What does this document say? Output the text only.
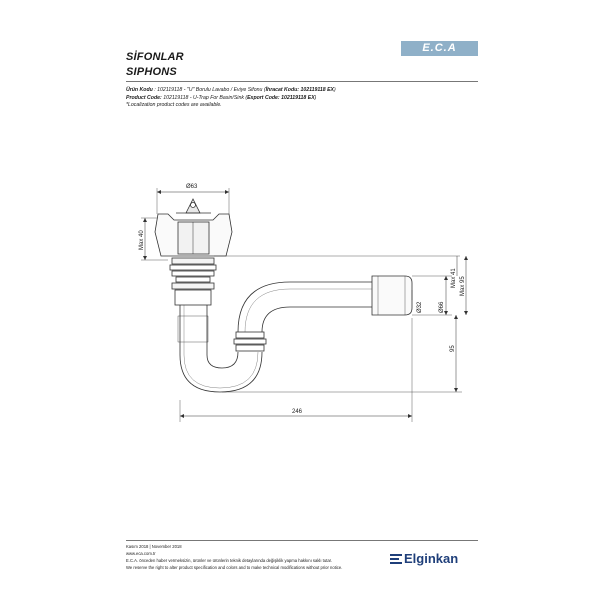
SİFONLAR
SIPHONS
E.C.A
Ürün Kodu : 102119118 - "U" Borulu Lavabo / Eviye Sifonu (İhracat Kodu: 102119118 EX)
Product Code: 102119118 - U-Trap For Basin/Sink (Export Code: 102119118 EX)
*Localization product codes are available.
Ø63
Max 40
Ø32	Ø66
Max 41 Max 95
95
246
Kasım 2018 | November 2018
www.eca.com.tr
E.C.A. önceden haber vermeksizin, ürünler ve ürünlerin teknik detaylarında değişiklik yapma hakkını saklı tutar.
We reserve the right to alter product specification and colors and to make technical modifications without prior notice.
Elginkan
